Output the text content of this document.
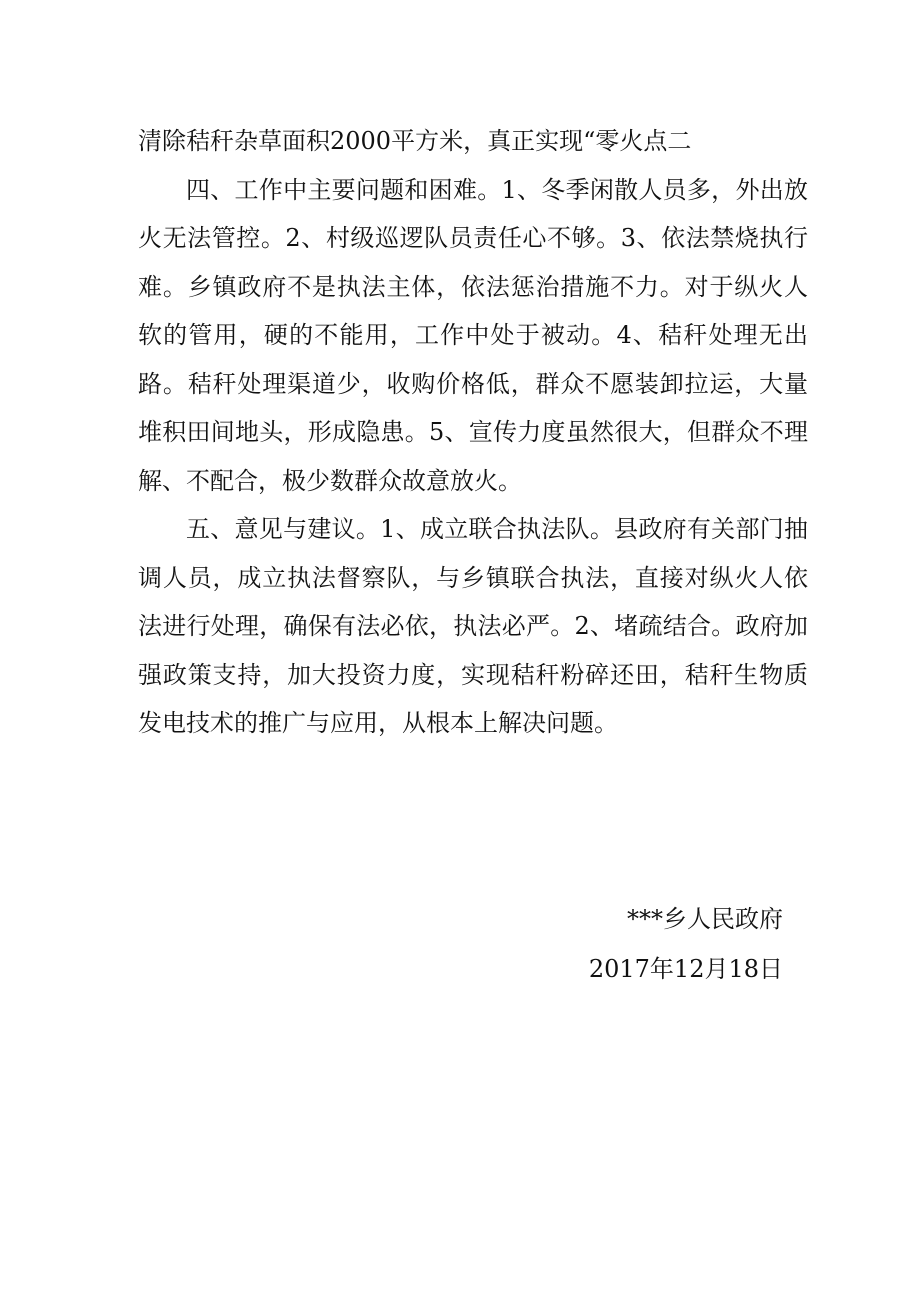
清除秸秆杂草面积2000平方米，真正实现“零火点二

四、工作中主要问题和困难。1、冬季闲散人员多，外出放火无法管控。2、村级巡逻队员责任心不够。3、依法禁烧执行难。乡镇政府不是执法主体，依法惩治措施不力。对于纵火人软的管用，硬的不能用，工作中处于被动。4、秸秆处理无出路。秸秆处理渠道少，收购价格低，群众不愿装卸拉运，大量堆积田间地头，形成隐患。5、宣传力度虽然很大，但群众不理解、不配合，极少数群众故意放火。

五、意见与建议。1、成立联合执法队。县政府有关部门抽调人员，成立执法督察队，与乡镇联合执法，直接对纵火人依法进行处理，确保有法必依，执法必严。2、堵疏结合。政府加强政策支持，加大投资力度，实现秸秆粉碎还田，秸秆生物质发电技术的推广与应用，从根本上解决问题。

***乡人民政府
2017年12月18日
